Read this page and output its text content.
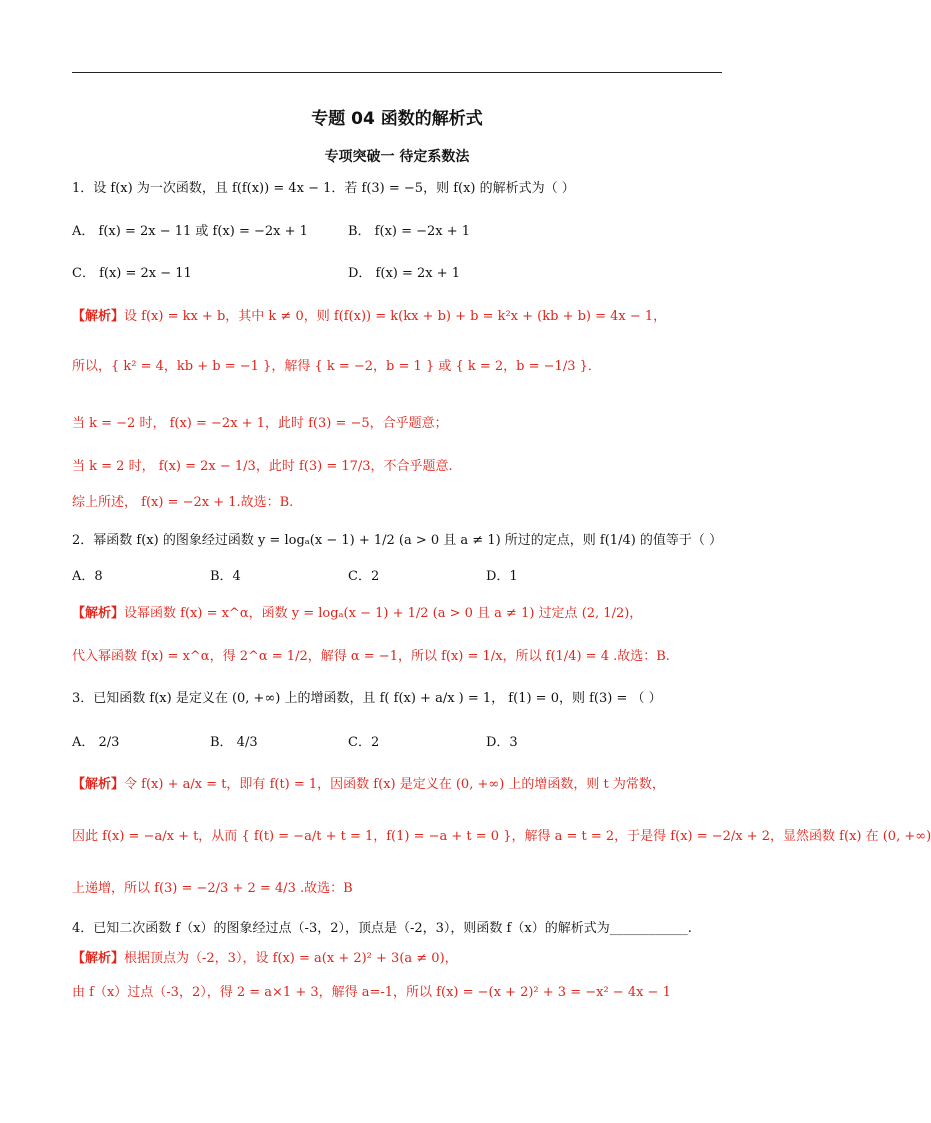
专题 04 函数的解析式
专项突破一 待定系数法
1．设 f(x) 为一次函数，且 f(f(x)) = 4x − 1．若 f(3) = −5，则 f(x) 的解析式为（ ）
A． f(x) = 2x − 11 或 f(x) = −2x + 1	B． f(x) = −2x + 1
C． f(x) = 2x − 11	D． f(x) = 2x + 1
【解析】设 f(x) = kx + b，其中 k ≠ 0，则 f(f(x)) = k(kx + b) + b = k²x + (kb + b) = 4x − 1，
所以，{ k² = 4，kb + b = −1 }，解得 { k = −2，b = 1 } 或 { k = 2，b = −1/3 }．
当 k = −2 时， f(x) = −2x + 1，此时 f(3) = −5，合乎题意；
当 k = 2 时， f(x) = 2x − 1/3，此时 f(3) = 17/3，不合乎题意.
综上所述， f(x) = −2x + 1.故选：B.
2．幂函数 f(x) 的图象经过函数 y = logₐ(x − 1) + 1/2 (a > 0 且 a ≠ 1) 所过的定点，则 f(1/4) 的值等于（ ）
A．8	B．4	C．2	D．1
【解析】设幂函数 f(x) = x^α，函数 y = logₐ(x − 1) + 1/2 (a > 0 且 a ≠ 1) 过定点 (2, 1/2)，
代入幂函数 f(x) = x^α，得 2^α = 1/2，解得 α = −1，所以 f(x) = 1/x，所以 f(1/4) = 4 .故选：B.
3．已知函数 f(x) 是定义在 (0, +∞) 上的增函数，且 f( f(x) + a/x ) = 1， f(1) = 0，则 f(3) = （ ）
A． 2/3	B． 4/3	C．2	D．3
【解析】令 f(x) + a/x = t，即有 f(t) = 1，因函数 f(x) 是定义在 (0, +∞) 上的增函数，则 t 为常数，
因此 f(x) = −a/x + t，从而 { f(t) = −a/t + t = 1，f(1) = −a + t = 0 }，解得 a = t = 2，于是得 f(x) = −2/x + 2，显然函数 f(x) 在 (0, +∞)
上递增，所以 f(3) = −2/3 + 2 = 4/3 .故选：B
4．已知二次函数 f（x）的图象经过点（-3，2），顶点是（-2，3），则函数 f（x）的解析式为____________.
【解析】根据顶点为（-2，3），设 f(x) = a(x + 2)² + 3(a ≠ 0)，
由 f（x）过点（-3，2），得 2 = a×1 + 3，解得 a=-1，所以 f(x) = −(x + 2)² + 3 = −x² − 4x − 1
